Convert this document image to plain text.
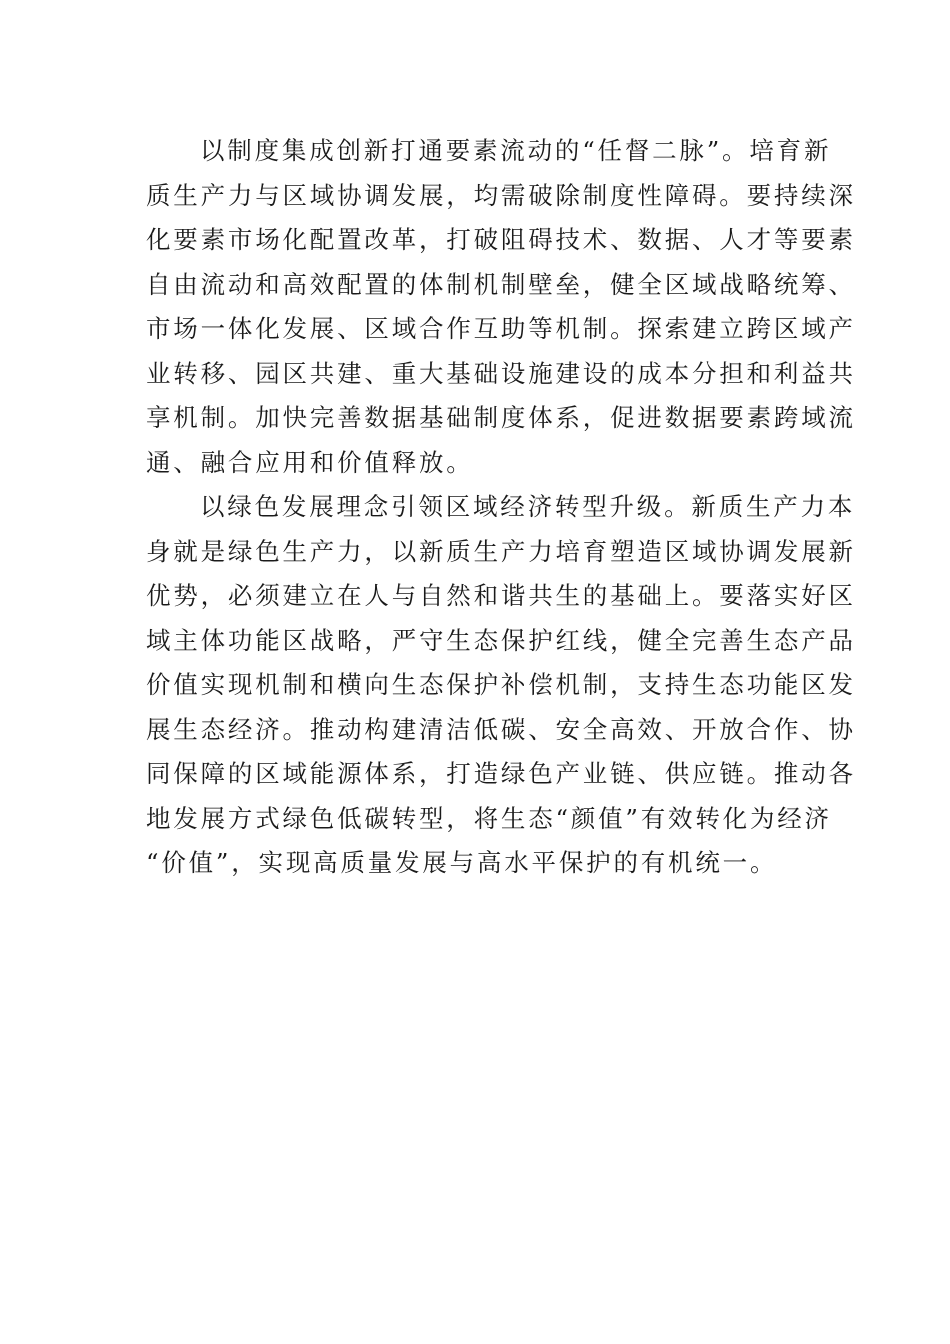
以制度集成创新打通要素流动的“任督二脉”。培育新
质生产力与区域协调发展，均需破除制度性障碍。要持续深
化要素市场化配置改革，打破阻碍技术、数据、人才等要素
自由流动和高效配置的体制机制壁垒，健全区域战略统筹、
市场一体化发展、区域合作互助等机制。探索建立跨区域产
业转移、园区共建、重大基础设施建设的成本分担和利益共
享机制。加快完善数据基础制度体系，促进数据要素跨域流
通、融合应用和价值释放。
以绿色发展理念引领区域经济转型升级。新质生产力本
身就是绿色生产力，以新质生产力培育塑造区域协调发展新
优势，必须建立在人与自然和谐共生的基础上。要落实好区
域主体功能区战略，严守生态保护红线，健全完善生态产品
价值实现机制和横向生态保护补偿机制，支持生态功能区发
展生态经济。推动构建清洁低碳、安全高效、开放合作、协
同保障的区域能源体系，打造绿色产业链、供应链。推动各
地发展方式绿色低碳转型，将生态“颜值”有效转化为经济
“价值”，实现高质量发展与高水平保护的有机统一。
